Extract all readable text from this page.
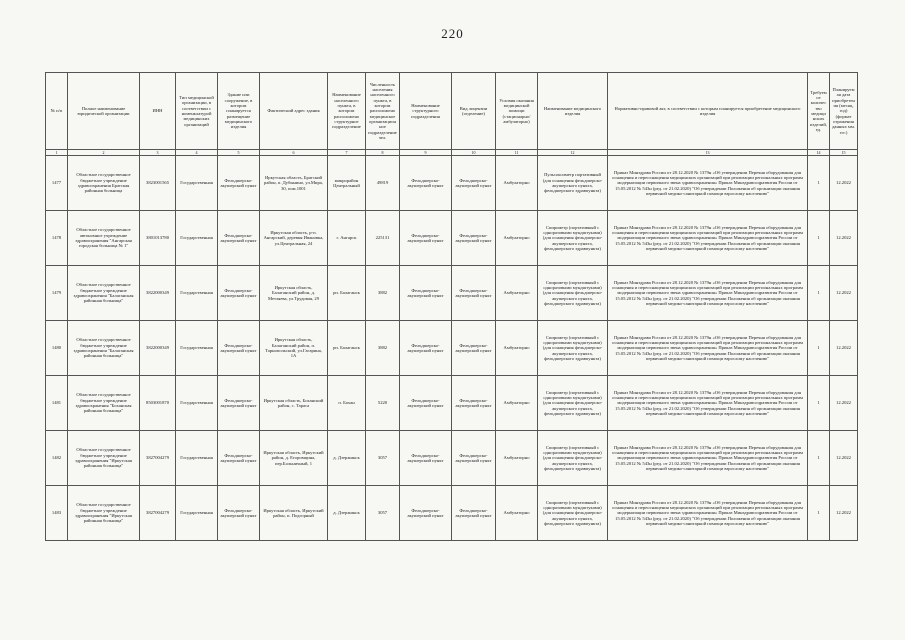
220
№ п/п	Полное наименование юридической организации	ИНН	Тип медицинской организации, в соответствии с номенклатурой медицинских организаций	Здание или сооружение, в котором планируется размещение медицинского изделия	Фактический адрес здания	Наименование населенного пункта, в котором расположено структурное подразделение	Численность населения населенного пункта, в котором расположено медицинское организационное подразделение чел.	Наименование структурного подразделения	Вид лицензии (отделение)	Условия оказания медицинской помощи (стационарно/амбулаторно)	Наименование медицинского изделия	Нормативно-правовой акт, в соответствии с которым планируется приобретение медицинского изделия	Требуемое количество медицинских изделий, ед.	Планируемая дата приобретения (месяц, год) (формат отражения данных мм. ггг.)
1	2	3	4	5	6	7	8	9	10	11	12	13	14	15
1477	Областное государственное бюджетное учреждение здравоохранения Братская районная больница	3823001565	Государственная	Фельдшерско-акушерский пункт	Иркутская область, Братский район, п. Дубынино, ул.Мира, 30, пом.1001	микрорайон Центральный	49819	Фельдшерско-акушерский пункт	Фельдшерско-акушерский пункт	Амбулаторно	Пульсоксиметр портативный (для оснащения фельдшерско-акушерского пункта, фельдшерского здравпункта)	Приказ Минздрава России от 28.12.2020 № 1379н «Об утверждении Перечня оборудования для оснащения и переоснащения медицинских организаций при реализации региональных программ модернизации первичного звена здравоохранения» Приказ Минздравсоцразвития России от 15.05.2012 № 543н (ред. от 21.02.2020) "Об утверждении Положения об организации оказания первичной медико-санитарной помощи взрослому населению"	1	12.2022
1478	Областное государственное автономное учреждение здравоохранения "Ангарская городская больница № 1"	3801013780	Государственная	Фельдшерско-акушерский пункт	Иркутская область, р-п. Ангарский, деревня Ивановка, ул.Центральная, 24	г. Ангарск	225131	Фельдшерско-акушерский пункт	Фельдшерско-акушерский пункт	Амбулаторно	Спирометр (портативный с одноразовыми мундштуками) (для оснащения фельдшерско-акушерского пункта, фельдшерского здравпункта)	Приказ Минздрава России от 28.12.2020 № 1379н «Об утверждении Перечня оборудования для оснащения и переоснащения медицинских организаций при реализации региональных программ модернизации первичного звена здравоохранения» Приказ Минздравсоцразвития России от 15.05.2012 № 543н (ред. от 21.02.2020) "Об утверждении Положения об организации оказания первичной медико-санитарной помощи взрослому населению"	1	12.2022
1479	Областное государственное бюджетное учреждение здравоохранения "Балаганская районная больница"	3822000349	Государственная	Фельдшерско-акушерский пункт	Иркутская область, Балаганский район, д. Метляева, ул.Трудовая, 29	рп. Балаганск	3882	Фельдшерско-акушерский пункт	Фельдшерско-акушерский пункт	Амбулаторно	Спирометр (портативный с одноразовыми мундштуками) (для оснащения фельдшерско-акушерского пункта, фельдшерского здравпункта)	Приказ Минздрава России от 28.12.2020 № 1379н «Об утверждении Перечня оборудования для оснащения и переоснащения медицинских организаций при реализации региональных программ модернизации первичного звена здравоохранения» Приказ Минздравсоцразвития России от 15.05.2012 № 543н (ред. от 21.02.2020) "Об утверждении Положения об организации оказания первичной медико-санитарной помощи взрослому населению"	1	12.2022
1480	Областное государственное бюджетное учреждение здравоохранения "Балаганская районная больница"	3822000349	Государственная	Фельдшерско-акушерский пункт	Иркутская область, Балаганский район, п. Тарнопольский, ул.Гагарина, 1А	рп. Балаганск	3882	Фельдшерско-акушерский пункт	Фельдшерско-акушерский пункт	Амбулаторно	Спирометр (портативный с одноразовыми мундштуками) (для оснащения фельдшерско-акушерского пункта, фельдшерского здравпункта)	Приказ Минздрава России от 28.12.2020 № 1379н «Об утверждении Перечня оборудования для оснащения и переоснащения медицинских организаций при реализации региональных программ модернизации первичного звена здравоохранения» Приказ Минздравсоцразвития России от 15.05.2012 № 543н (ред. от 21.02.2020) "Об утверждении Положения об организации оказания первичной медико-санитарной помощи взрослому населению"	1	12.2022
1481	Областное государственное бюджетное учреждение здравоохранения "Боханская районная больница"	8503001870	Государственная	Фельдшерско-акушерский пункт	Иркутская область, Боханский район, с. Тараса	п. Бохан	5220	Фельдшерско-акушерский пункт	Фельдшерско-акушерский пункт	Амбулаторно	Спирометр (портативный с одноразовыми мундштуками) (для оснащения фельдшерско-акушерского пункта, фельдшерского здравпункта)	Приказ Минздрава России от 28.12.2020 № 1379н «Об утверждении Перечня оборудования для оснащения и переоснащения медицинских организаций при реализации региональных программ модернизации первичного звена здравоохранения» Приказ Минздравсоцразвития России от 15.05.2012 № 543н (ред. от 21.02.2020) "Об утверждении Положения об организации оказания первичной медико-санитарной помощи взрослому населению"	1	12.2022
1482	Областное государственное бюджетное учреждение здравоохранения "Иркутская районная больница"	3827004279	Государственная	Фельдшерско-акушерский пункт	Иркутская область, Иркутский район, д. Егоровщина, пер.Больничный, 1	д. Дзержинск	3057	Фельдшерско-акушерский пункт	Фельдшерско-акушерский пункт	Амбулаторно	Спирометр (портативный с одноразовыми мундштуками) (для оснащения фельдшерско-акушерского пункта, фельдшерского здравпункта)	Приказ Минздрава России от 28.12.2020 № 1379н «Об утверждении Перечня оборудования для оснащения и переоснащения медицинских организаций при реализации региональных программ модернизации первичного звена здравоохранения» Приказ Минздравсоцразвития России от 15.05.2012 № 543н (ред. от 21.02.2020) "Об утверждении Положения об организации оказания первичной медико-санитарной помощи взрослому населению"	1	12.2022
1483	Областное государственное бюджетное учреждение здравоохранения "Иркутская районная больница"	3827004279	Государственная	Фельдшерско-акушерский пункт	Иркутская область, Иркутский район, п. Подгорный	д. Дзержинск	3057	Фельдшерско-акушерский пункт	Фельдшерско-акушерский пункт	Амбулаторно	Спирометр (портативный с одноразовыми мундштуками) (для оснащения фельдшерско-акушерского пункта, фельдшерского здравпункта)	Приказ Минздрава России от 28.12.2020 № 1379н «Об утверждении Перечня оборудования для оснащения и переоснащения медицинских организаций при реализации региональных программ модернизации первичного звена здравоохранения» Приказ Минздравсоцразвития России от 15.05.2012 № 543н (ред. от 21.02.2020) "Об утверждении Положения об организации оказания первичной медико-санитарной помощи взрослому населению"	1	12.2022
